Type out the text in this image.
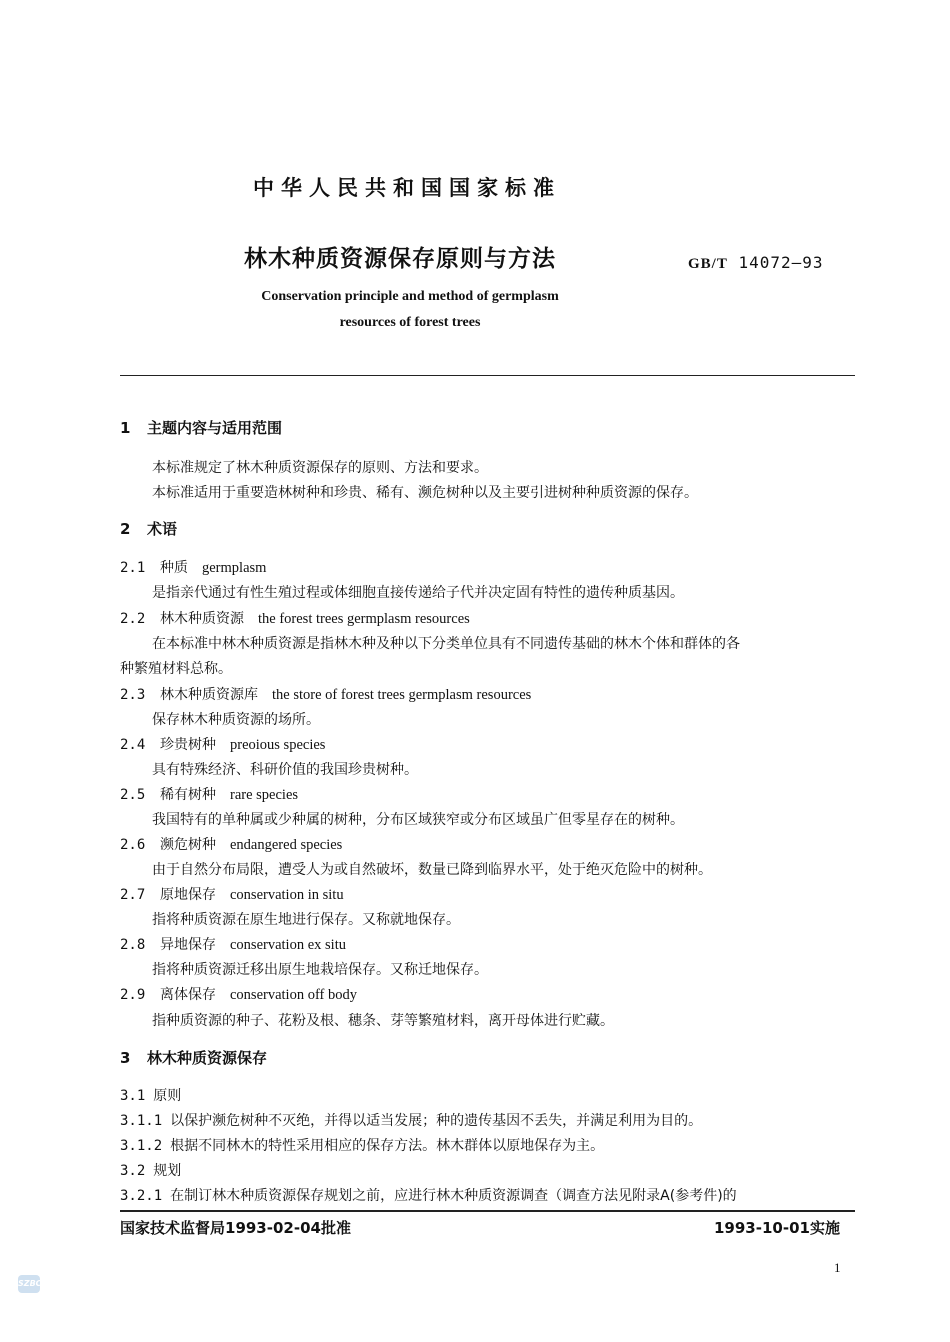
中华人民共和国国家标准
林木种质资源保存原则与方法	GB/T 14072—93
Conservation principle and method of germplasm
resources of forest trees
1 主题内容与适用范围
本标准规定了林木种质资源保存的原则、方法和要求。
本标准适用于重要造林树种和珍贵、稀有、濒危树种以及主要引进树种种质资源的保存。
2 术语
2.1 种质 germplasm
是指亲代通过有性生殖过程或体细胞直接传递给子代并决定固有特性的遗传种质基因。
2.2 林木种质资源 the forest trees germplasm resources
在本标准中林木种质资源是指林木种及种以下分类单位具有不同遗传基础的林木个体和群体的各
种繁殖材料总称。
2.3 林木种质资源库 the store of forest trees germplasm resources
保存林木种质资源的场所。
2.4 珍贵树种 preoious species
具有特殊经济、科研价值的我国珍贵树种。
2.5 稀有树种 rare species
我国特有的单种属或少种属的树种，分布区域狭窄或分布区域虽广但零星存在的树种。
2.6 濒危树种 endangered species
由于自然分布局限，遭受人为或自然破坏，数量已降到临界水平，处于绝灭危险中的树种。
2.7 原地保存 conservation in situ
指将种质资源在原生地进行保存。又称就地保存。
2.8 异地保存 conservation ex situ
指将种质资源迁移出原生地栽培保存。又称迁地保存。
2.9 离体保存 conservation off body
指种质资源的种子、花粉及根、穗条、芽等繁殖材料，离开母体进行贮藏。
3 林木种质资源保存
3.1 原则
3.1.1 以保护濒危树种不灭绝，并得以适当发展；种的遗传基因不丢失，并满足利用为目的。
3.1.2 根据不同林木的特性采用相应的保存方法。林木群体以原地保存为主。
3.2 规划
3.2.1 在制订林木种质资源保存规划之前，应进行林木种质资源调查（调查方法见附录A(参考件)的
国家技术监督局1993-02-04批准	1993-10-01实施
1
SZBC
